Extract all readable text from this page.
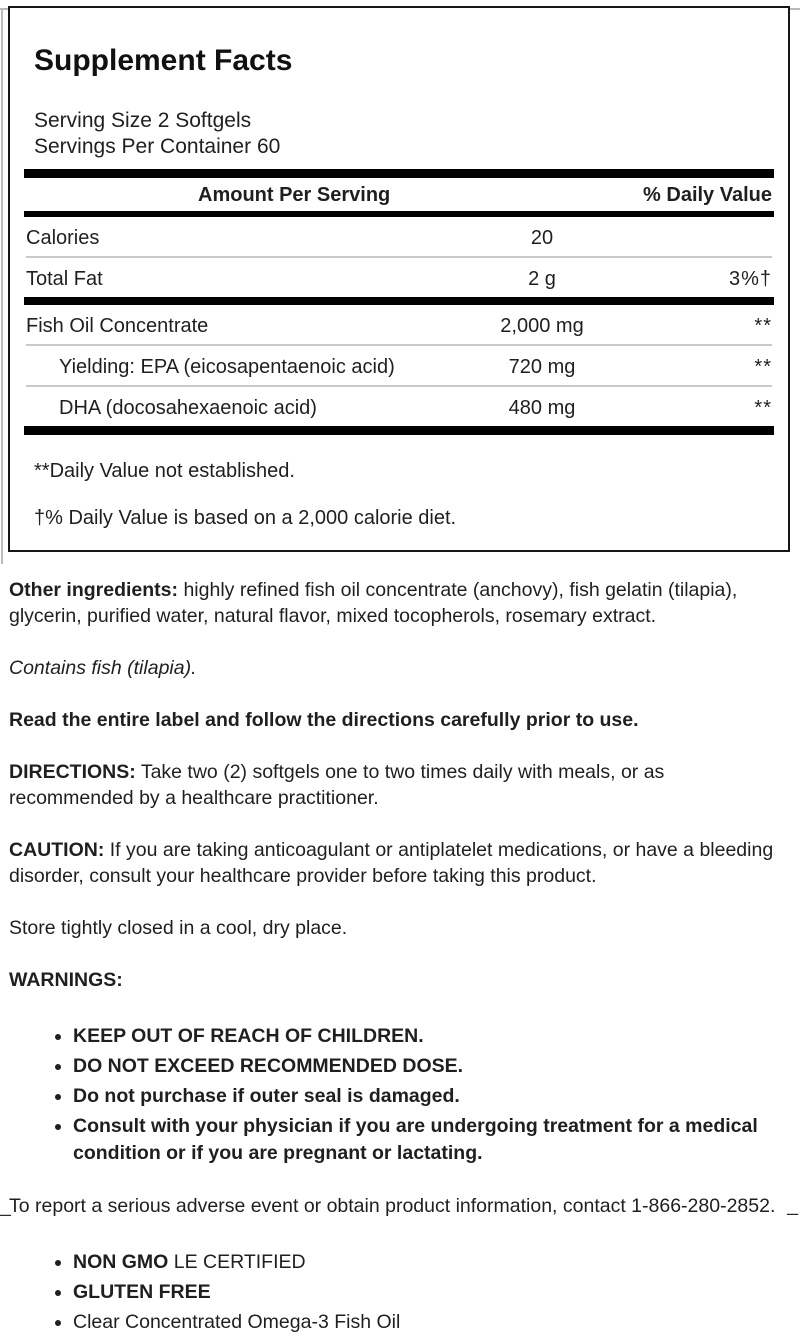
Supplement Facts

Serving Size 2 Softgels

Servings Per Container 60

Amount Per Serving	% Daily Value
Calories	20
Total Fat	2 g	3%†
Fish Oil Concentrate	2,000 mg	**
Yielding: EPA (eicosapentaenoic acid)	720 mg	**
DHA (docosahexaenoic acid)	480 mg	**

**Daily Value not established.

†% Daily Value is based on a 2,000 calorie diet.

Other ingredients: highly refined fish oil concentrate (anchovy), fish gelatin (tilapia), glycerin, purified water, natural flavor, mixed tocopherols, rosemary extract.

Contains fish (tilapia).

Read the entire label and follow the directions carefully prior to use.

DIRECTIONS: Take two (2) softgels one to two times daily with meals, or as recommended by a healthcare practitioner.

CAUTION: If you are taking anticoagulant or antiplatelet medications, or have a bleeding disorder, consult your healthcare provider before taking this product.

Store tightly closed in a cool, dry place.

WARNINGS:

• KEEP OUT OF REACH OF CHILDREN.
• DO NOT EXCEED RECOMMENDED DOSE.
• Do not purchase if outer seal is damaged.
• Consult with your physician if you are undergoing treatment for a medical condition or if you are pregnant or lactating.

_
To report a serious adverse event or obtain product information, contact 1-866-280-2852. _

• NON GMO LE CERTIFIED
• GLUTEN FREE
• Clear Concentrated Omega-3 Fish Oil
